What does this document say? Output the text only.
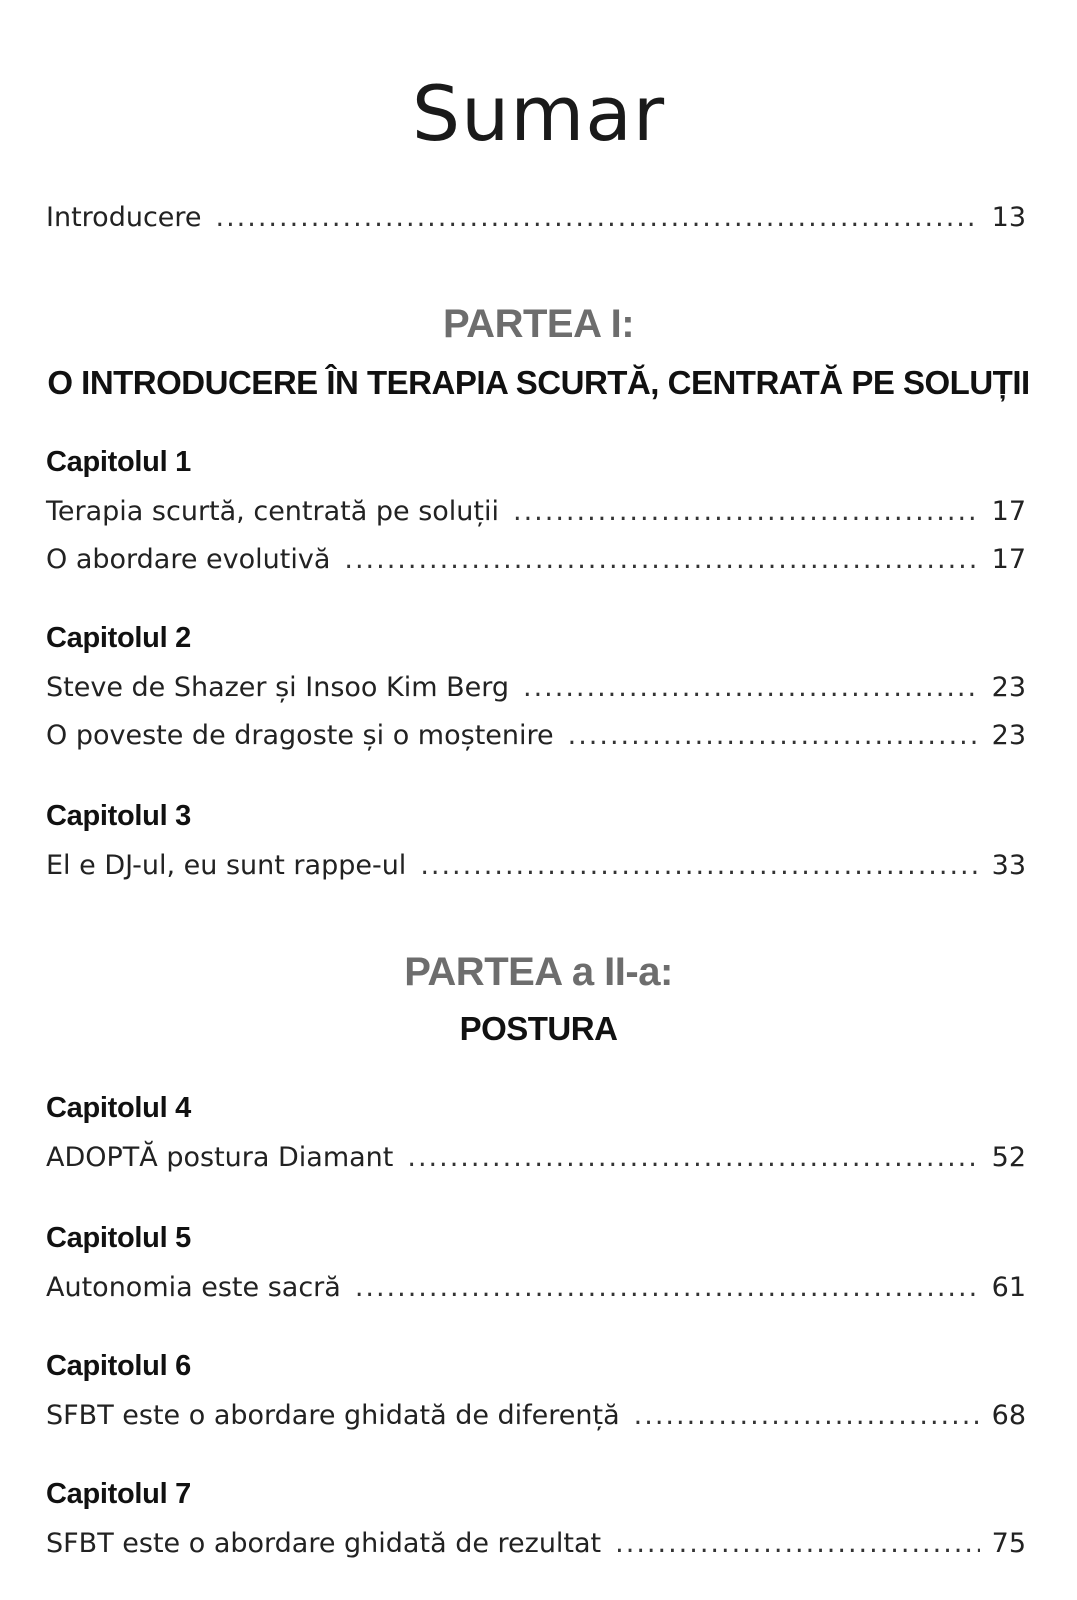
Sumar
Introducere .....	13
PARTEA I:
O INTRODUCERE ÎN TERAPIA SCURTĂ, CENTRATĂ PE SOLUȚII
Capitolul 1
Terapia scurtă, centrată pe soluții .....	17
O abordare evolutivă .....	17
Capitolul 2
Steve de Shazer și Insoo Kim Berg .....	23
O poveste de dragoste și o moștenire .....	23
Capitolul 3
El e DJ-ul, eu sunt rappe-ul .....	33
PARTEA a II-a:
POSTURA
Capitolul 4
ADOPTĂ postura Diamant .....	52
Capitolul 5
Autonomia este sacră .....	61
Capitolul 6
SFBT este o abordare ghidată de diferență .....	68
Capitolul 7
SFBT este o abordare ghidată de rezultat .....	75
